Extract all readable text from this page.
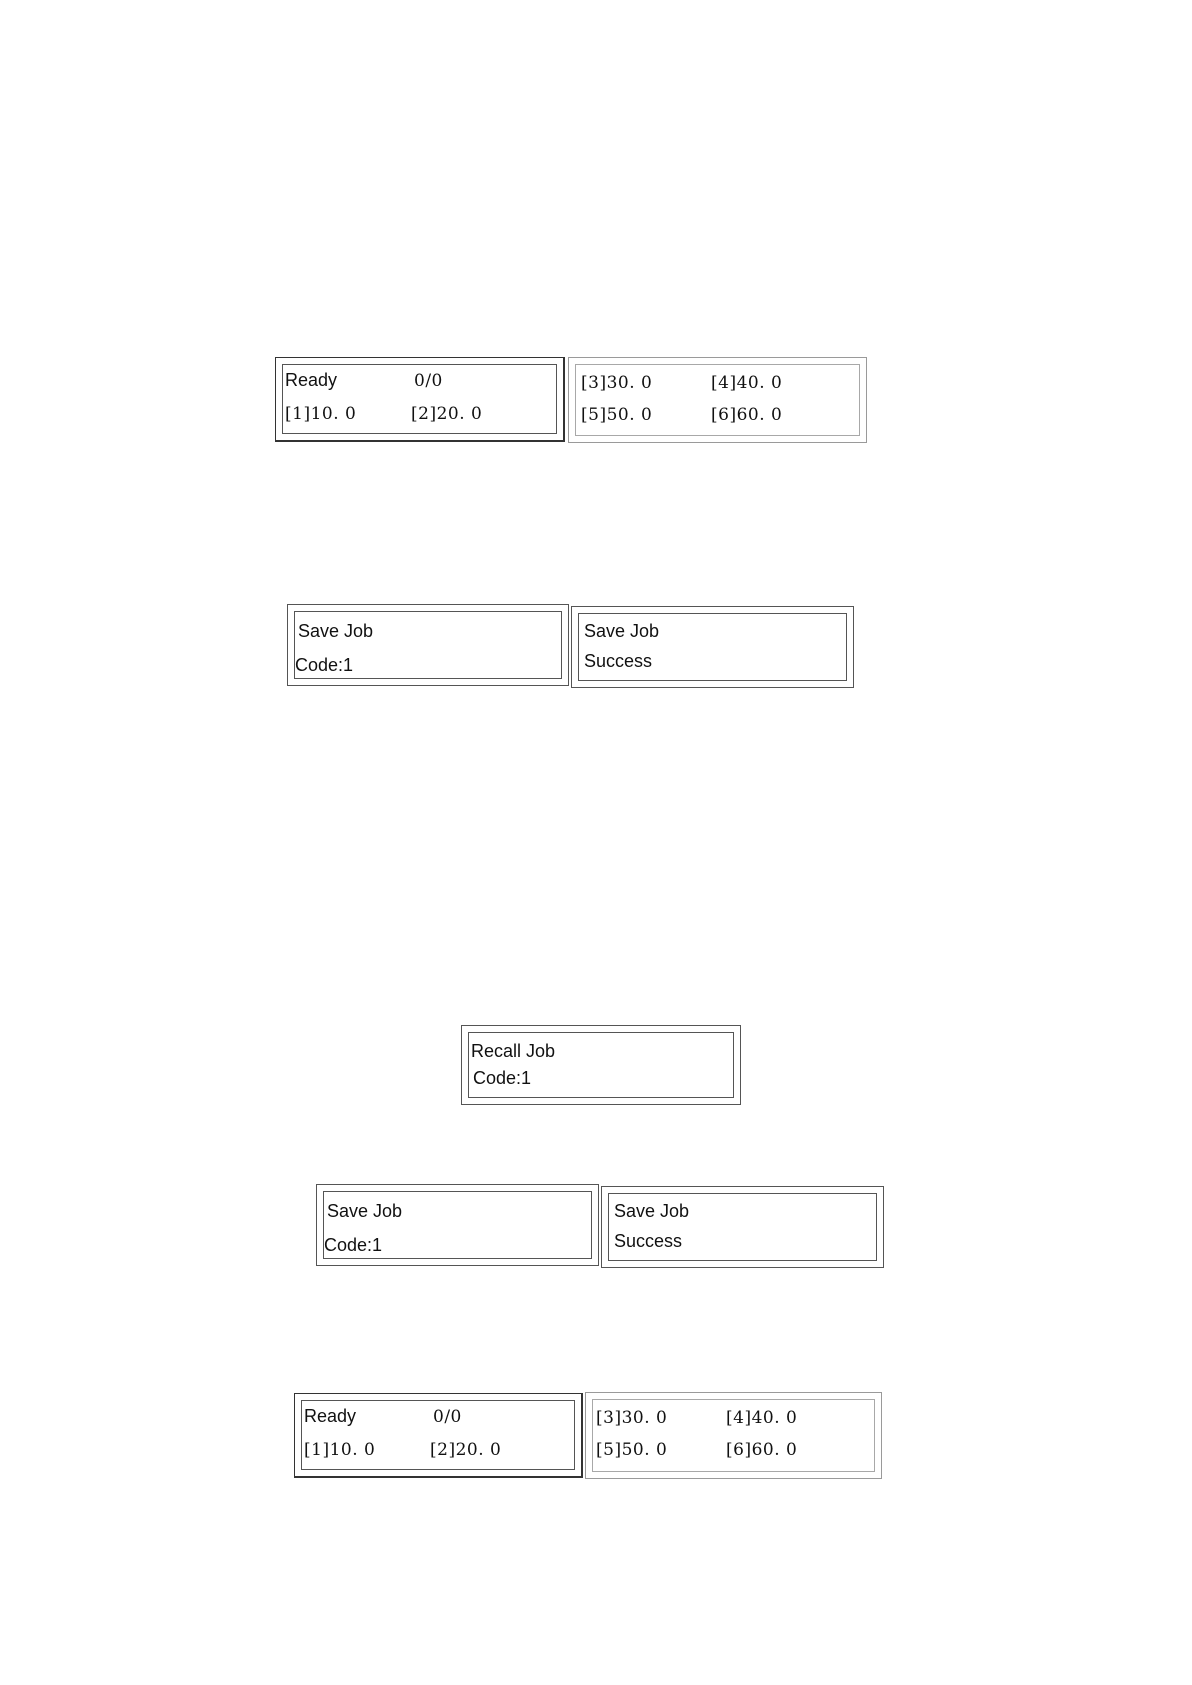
Ready	0/0
[1]10. 0	[2]20. 0
[3]30. 0	[4]40. 0
[5]50. 0	[6]60. 0
Save Job
Code:1
Save Job
Success
Recall Job
Code:1
Save Job
Code:1
Save Job
Success
Ready	0/0
[1]10. 0	[2]20. 0
[3]30. 0	[4]40. 0
[5]50. 0	[6]60. 0
